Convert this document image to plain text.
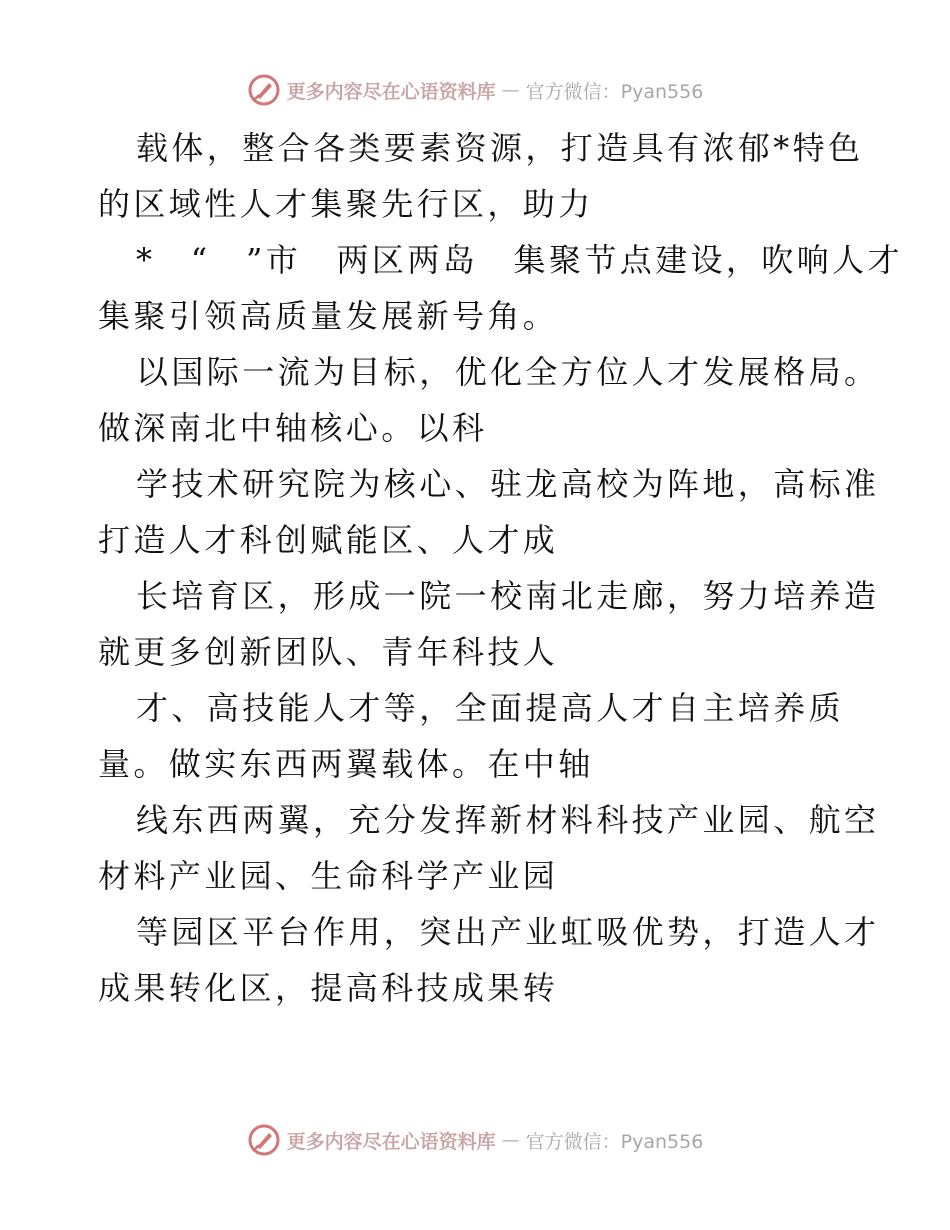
更多内容尽在心语资料库 — 官方微信：Pyan556
载体，整合各类要素资源，打造具有浓郁*特色
的区域性人才集聚先行区，助力
*　“　”市　两区两岛　集聚节点建设，吹响人才
集聚引领高质量发展新号角。
以国际一流为目标，优化全方位人才发展格局。
做深南北中轴核心。以科
学技术研究院为核心、驻龙高校为阵地，高标准
打造人才科创赋能区、人才成
长培育区，形成一院一校南北走廊，努力培养造
就更多创新团队、青年科技人
才、高技能人才等，全面提高人才自主培养质
量。做实东西两翼载体。在中轴
线东西两翼，充分发挥新材料科技产业园、航空
材料产业园、生命科学产业园
等园区平台作用，突出产业虹吸优势，打造人才
成果转化区，提高科技成果转
更多内容尽在心语资料库 — 官方微信：Pyan556
